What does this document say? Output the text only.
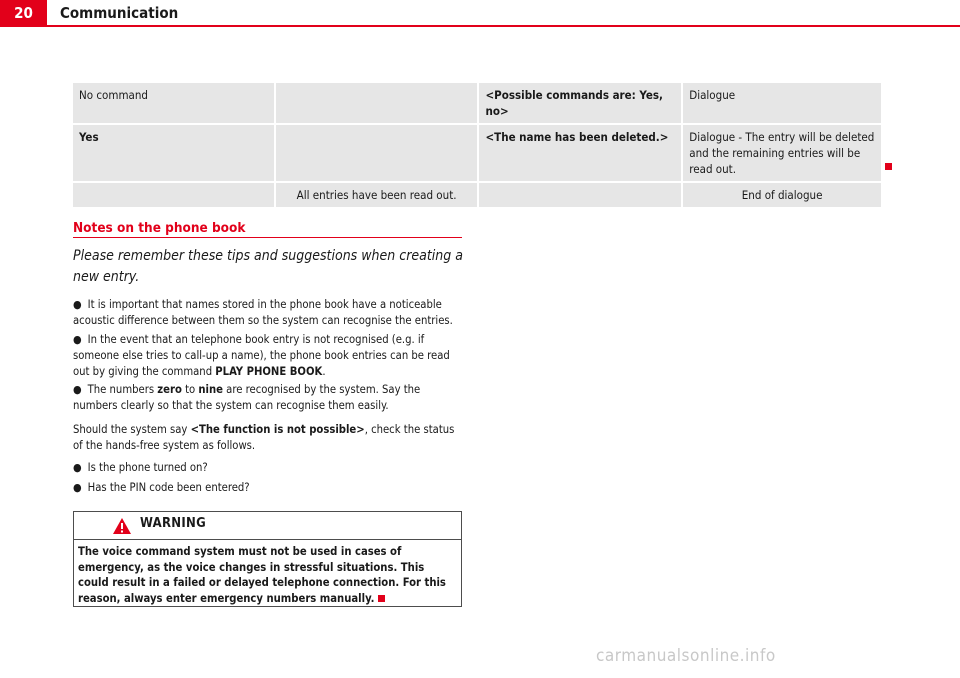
20	Communication
No command		<Possible commands are: Yes, no>	Dialogue
Yes		<The name has been deleted.>	Dialogue - The entry will be deleted and the remaining entries will be read out.
	All entries have been read out.		End of dialogue
Notes on the phone book
Please remember these tips and suggestions when creating a new entry.
● It is important that names stored in the phone book have a noticeable acoustic difference between them so the system can recognise the entries.
● In the event that an telephone book entry is not recognised (e.g. if someone else tries to call-up a name), the phone book entries can be read out by giving the command PLAY PHONE BOOK.
● The numbers zero to nine are recognised by the system. Say the numbers clearly so that the system can recognise them easily.
Should the system say <The function is not possible>, check the status of the hands-free system as follows.
● Is the phone turned on?
● Has the PIN code been entered?
WARNING
The voice command system must not be used in cases of emergency, as the voice changes in stressful situations. This could result in a failed or delayed telephone connection. For this reason, always enter emergency numbers manually.
carmanualsonline.info
